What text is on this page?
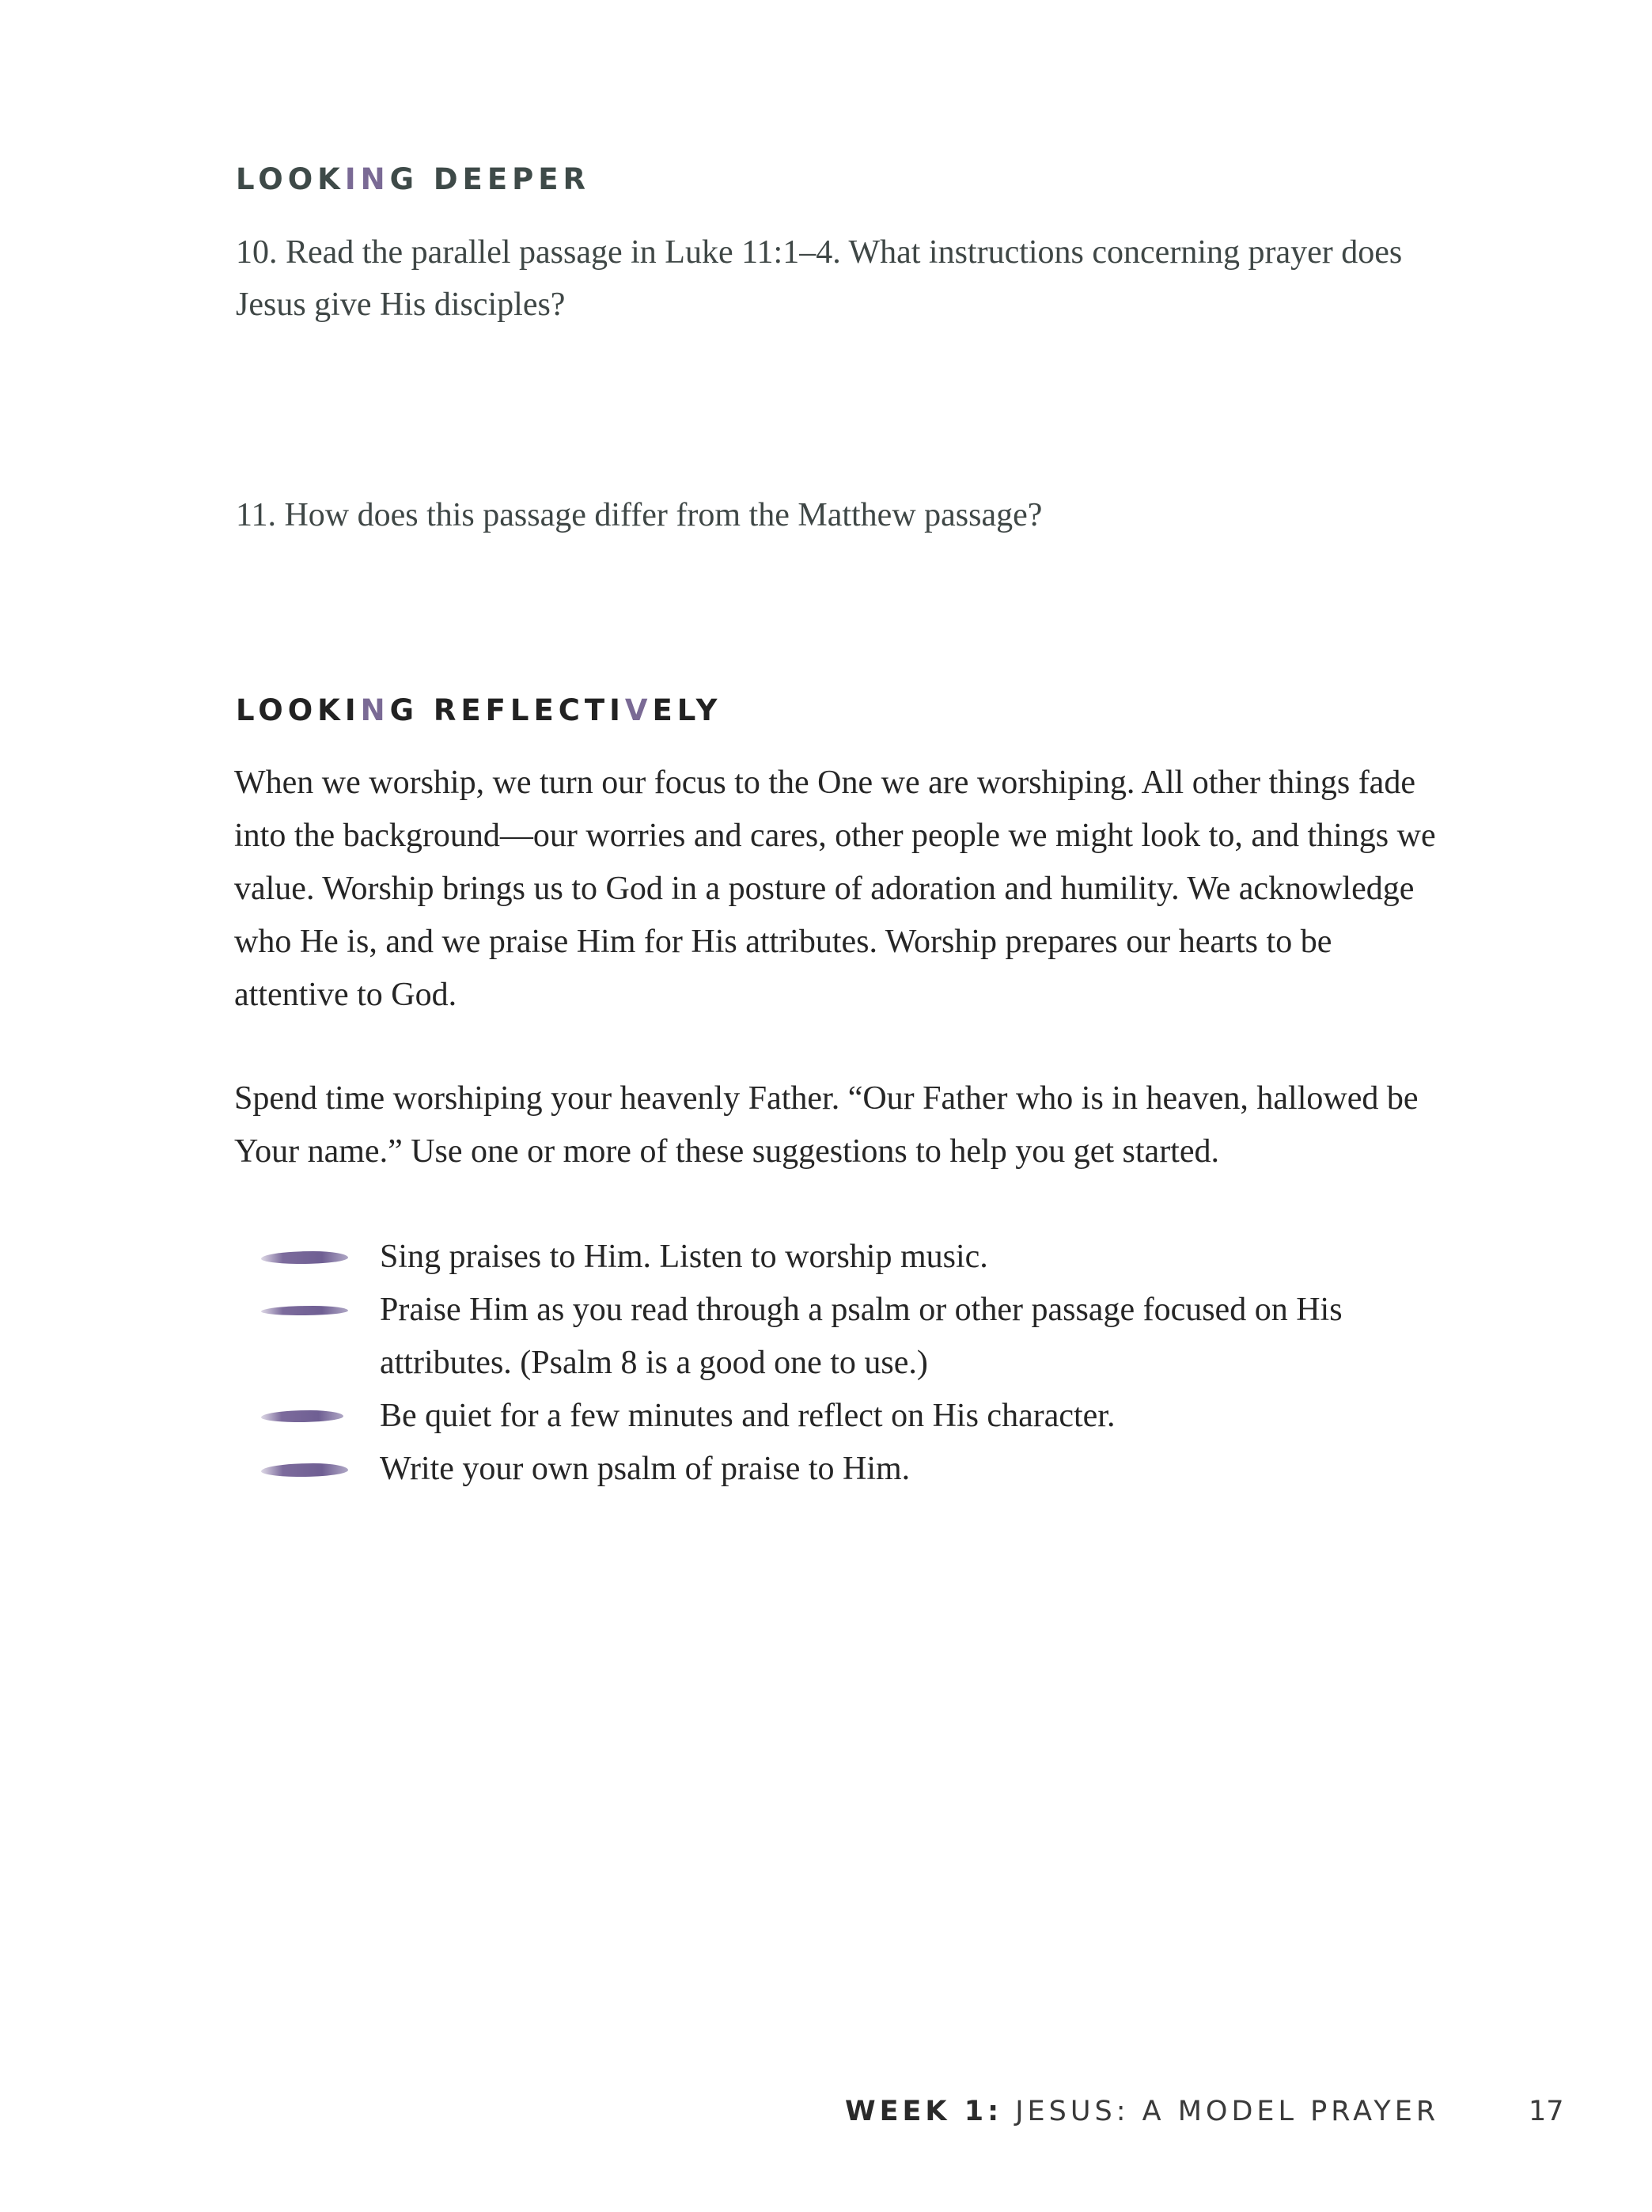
LOOKING DEEPER
10. Read the parallel passage in Luke 11:1–4. What instructions concerning prayer does Jesus give His disciples?
11. How does this passage differ from the Matthew passage?
LOOKING REFLECTIVELY
When we worship, we turn our focus to the One we are worshiping. All other things fade into the background—our worries and cares, other people we might look to, and things we value. Worship brings us to God in a posture of adoration and humility. We acknowledge who He is, and we praise Him for His attributes. Worship prepares our hearts to be attentive to God.
Spend time worshiping your heavenly Father. “Our Father who is in heaven, hallowed be Your name.” Use one or more of these suggestions to help you get started.
Sing praises to Him. Listen to worship music.
Praise Him as you read through a psalm or other passage focused on His attributes. (Psalm 8 is a good one to use.)
Be quiet for a few minutes and reflect on His character.
Write your own psalm of praise to Him.
WEEK 1: JESUS: A MODEL PRAYER	17
